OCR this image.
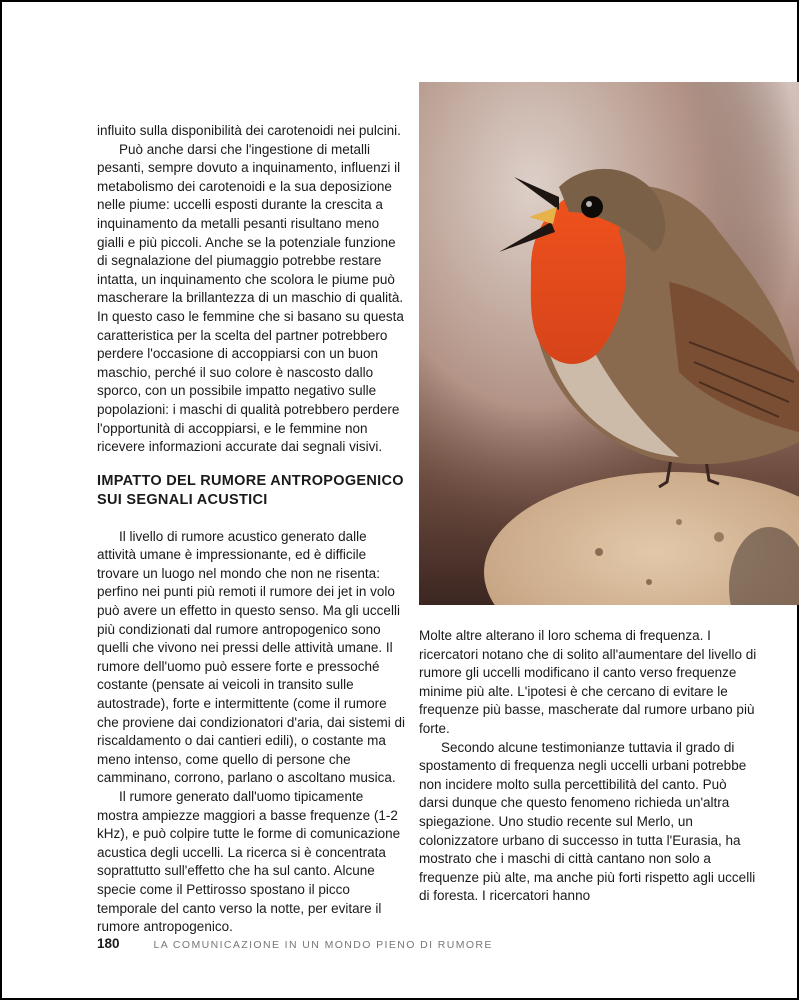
influito sulla disponibilità dei carotenoidi nei pulcini.

Può anche darsi che l'ingestione di metalli pesanti, sempre dovuto a inquinamento, influenzi il metabolismo dei carotenoidi e la sua deposizione nelle piume: uccelli esposti durante la crescita a inquinamento da metalli pesanti risultano meno gialli e più piccoli. Anche se la potenziale funzione di segnalazione del piumaggio potrebbe restare intatta, un inquinamento che scolora le piume può mascherare la brillantezza di un maschio di qualità. In questo caso le femmine che si basano su questa caratteristica per la scelta del partner potrebbero perdere l'occasione di accoppiarsi con un buon maschio, perché il suo colore è nascosto dallo sporco, con un possibile impatto negativo sulle popolazioni: i maschi di qualità potrebbero perdere l'opportunità di accoppiarsi, e le femmine non ricevere informazioni accurate dai segnali visivi.

IMPATTO DEL RUMORE ANTROPOGENICO SUI SEGNALI ACUSTICI

Il livello di rumore acustico generato dalle attività umane è impressionante, ed è difficile trovare un luogo nel mondo che non ne risenta: perfino nei punti più remoti il rumore dei jet in volo può avere un effetto in questo senso. Ma gli uccelli più condizionati dal rumore antropogenico sono quelli che vivono nei pressi delle attività umane. Il rumore dell'uomo può essere forte e pressoché costante (pensate ai veicoli in transito sulle autostrade), forte e intermittente (come il rumore che proviene dai condizionatori d'aria, dai sistemi di riscaldamento o dai cantieri edili), o costante ma meno intenso, come quello di persone che camminano, corrono, parlano o ascoltano musica.

Il rumore generato dall'uomo tipicamente mostra ampiezze maggiori a basse frequenze (1-2 kHz), e può colpire tutte le forme di comunicazione acustica degli uccelli. La ricerca si è concentrata soprattutto sull'effetto che ha sul canto. Alcune specie come il Pettirosso spostano il picco temporale del canto verso la notte, per evitare il rumore antropogenico.

Molte altre alterano il loro schema di frequenza. I ricercatori notano che di solito all'aumentare del livello di rumore gli uccelli modificano il canto verso frequenze minime più alte. L'ipotesi è che cercano di evitare le frequenze più basse, mascherate dal rumore urbano più forte.

Secondo alcune testimonianze tuttavia il grado di spostamento di frequenza negli uccelli urbani potrebbe non incidere molto sulla percettibilità del canto. Può darsi dunque che questo fenomeno richieda un'altra spiegazione. Uno studio recente sul Merlo, un colonizzatore urbano di successo in tutta l'Eurasia, ha mostrato che i maschi di città cantano non solo a frequenze più alte, ma anche più forti rispetto agli uccelli di foresta. I ricercatori hanno

180	LA COMUNICAZIONE IN UN MONDO PIENO DI RUMORE
